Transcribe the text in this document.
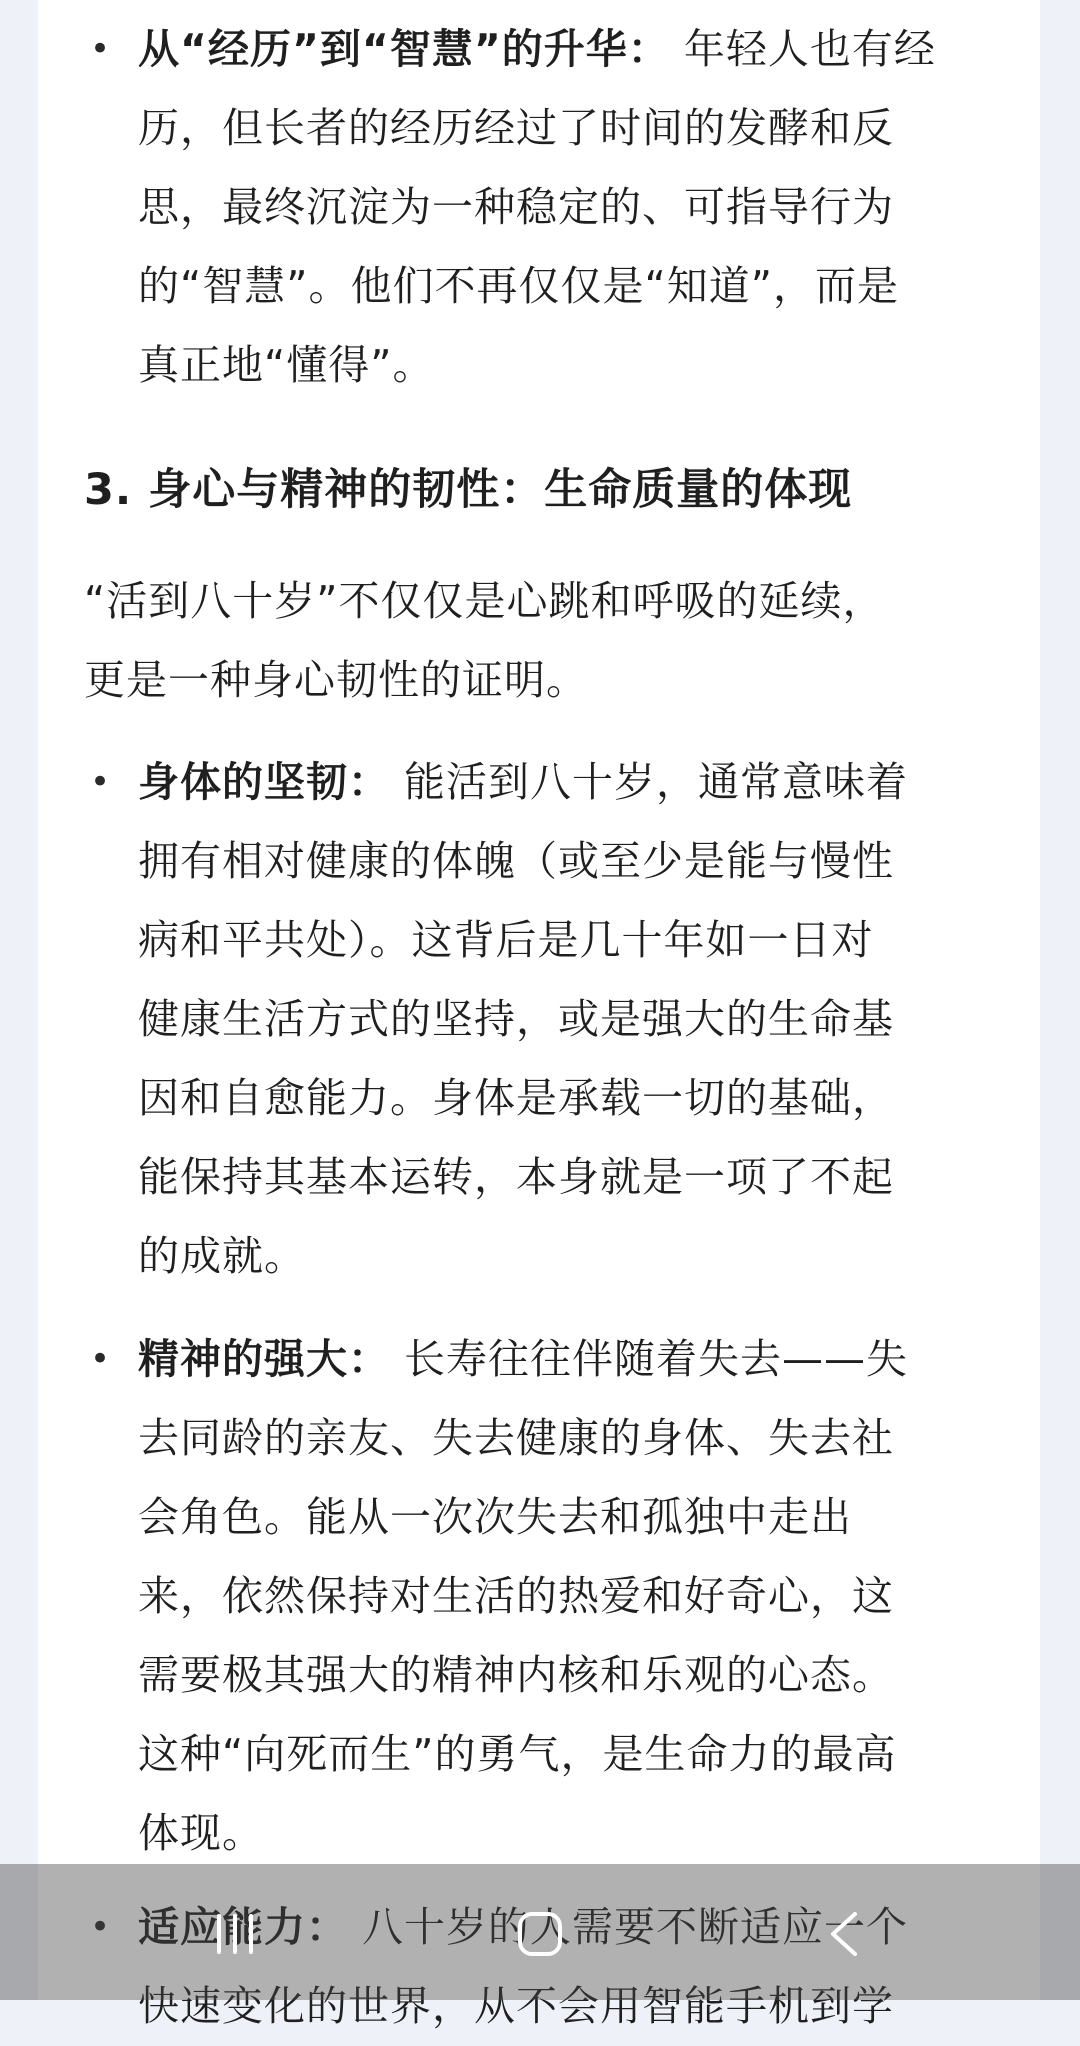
• 从“经历”到“智慧”的升华： 年轻人也有经
历，但长者的经历经过了时间的发酵和反
思，最终沉淀为一种稳定的、可指导行为
的“智慧”。他们不再仅仅是“知道”，而是
真正地“懂得”。
3. 身心与精神的韧性：生命质量的体现
“活到八十岁”不仅仅是心跳和呼吸的延续，
更是一种身心韧性的证明。
• 身体的坚韧： 能活到八十岁，通常意味着
拥有相对健康的体魄（或至少是能与慢性
病和平共处）。这背后是几十年如一日对
健康生活方式的坚持，或是强大的生命基
因和自愈能力。身体是承载一切的基础，
能保持其基本运转，本身就是一项了不起
的成就。
• 精神的强大： 长寿往往伴随着失去——失
去同龄的亲友、失去健康的身体、失去社
会角色。能从一次次失去和孤独中走出
来，依然保持对生活的热爱和好奇心，这
需要极其强大的精神内核和乐观的心态。
这种“向死而生”的勇气，是生命力的最高
体现。
• 适应能力： 八十岁的人需要不断适应一个
快速变化的世界，从不会用智能手机到学
